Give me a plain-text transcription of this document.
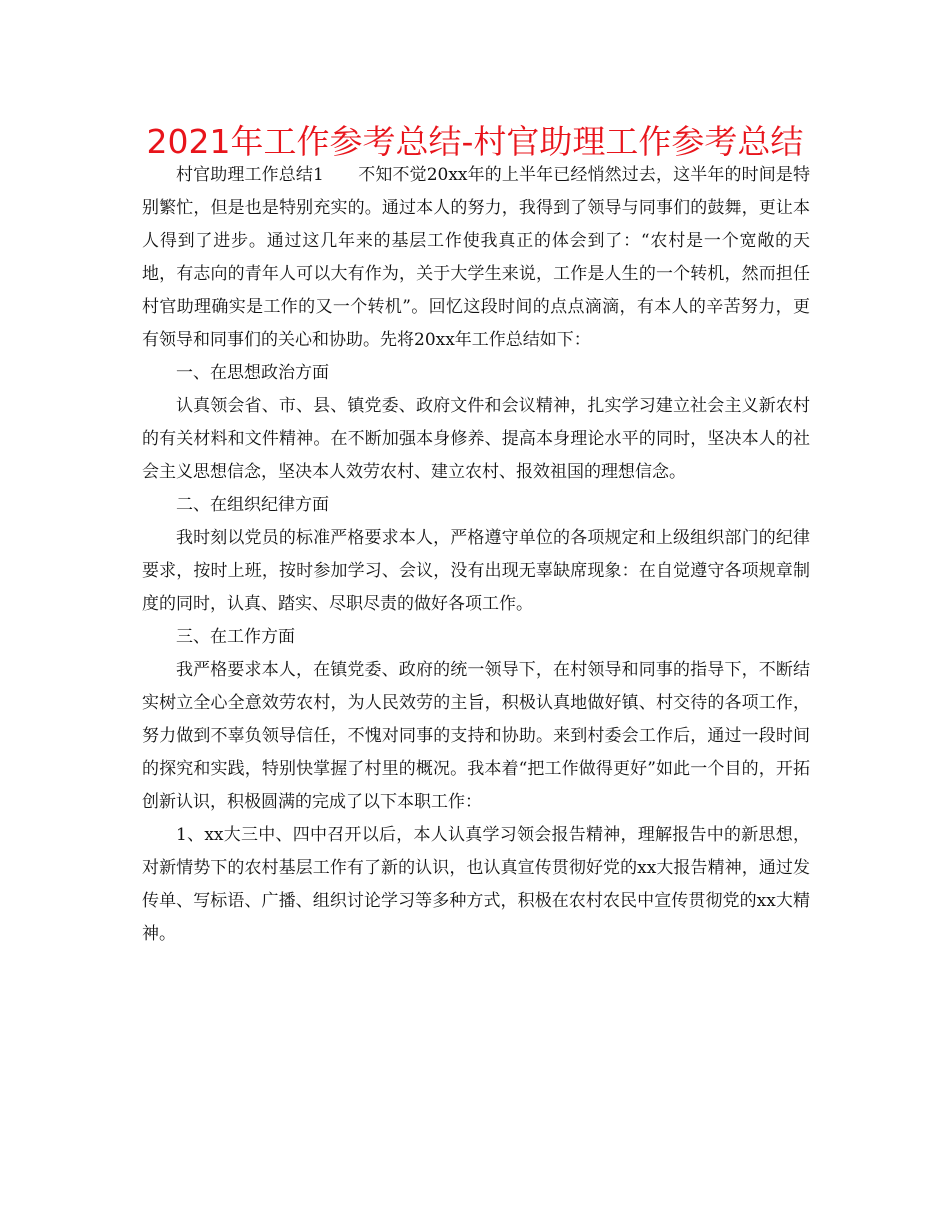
2021年工作参考总结-村官助理工作参考总结

村官助理工作总结1　　不知不觉20xx年的上半年已经悄然过去，这半年的时间是特别繁忙，但是也是特别充实的。通过本人的努力，我得到了领导与同事们的鼓舞，更让本人得到了进步。通过这几年来的基层工作使我真正的体会到了：“农村是一个宽敞的天地，有志向的青年人可以大有作为，关于大学生来说，工作是人生的一个转机，然而担任村官助理确实是工作的又一个转机”。回忆这段时间的点点滴滴，有本人的辛苦努力，更有领导和同事们的关心和协助。先将20xx年工作总结如下：

一、在思想政治方面

认真领会省、市、县、镇党委、政府文件和会议精神，扎实学习建立社会主义新农村的有关材料和文件精神。在不断加强本身修养、提高本身理论水平的同时，坚决本人的社会主义思想信念，坚决本人效劳农村、建立农村、报效祖国的理想信念。

二、在组织纪律方面

我时刻以党员的标准严格要求本人，严格遵守单位的各项规定和上级组织部门的纪律要求，按时上班，按时参加学习、会议，没有出现无辜缺席现象：在自觉遵守各项规章制度的同时，认真、踏实、尽职尽责的做好各项工作。

三、在工作方面

我严格要求本人，在镇党委、政府的统一领导下，在村领导和同事的指导下，不断结实树立全心全意效劳农村，为人民效劳的主旨，积极认真地做好镇、村交待的各项工作，努力做到不辜负领导信任，不愧对同事的支持和协助。来到村委会工作后，通过一段时间的探究和实践，特别快掌握了村里的概况。我本着“把工作做得更好”如此一个目的，开拓创新认识，积极圆满的完成了以下本职工作：

1、xx大三中、四中召开以后，本人认真学习领会报告精神，理解报告中的新思想，对新情势下的农村基层工作有了新的认识，也认真宣传贯彻好党的xx大报告精神，通过发传单、写标语、广播、组织讨论学习等多种方式，积极在农村农民中宣传贯彻党的xx大精神。
